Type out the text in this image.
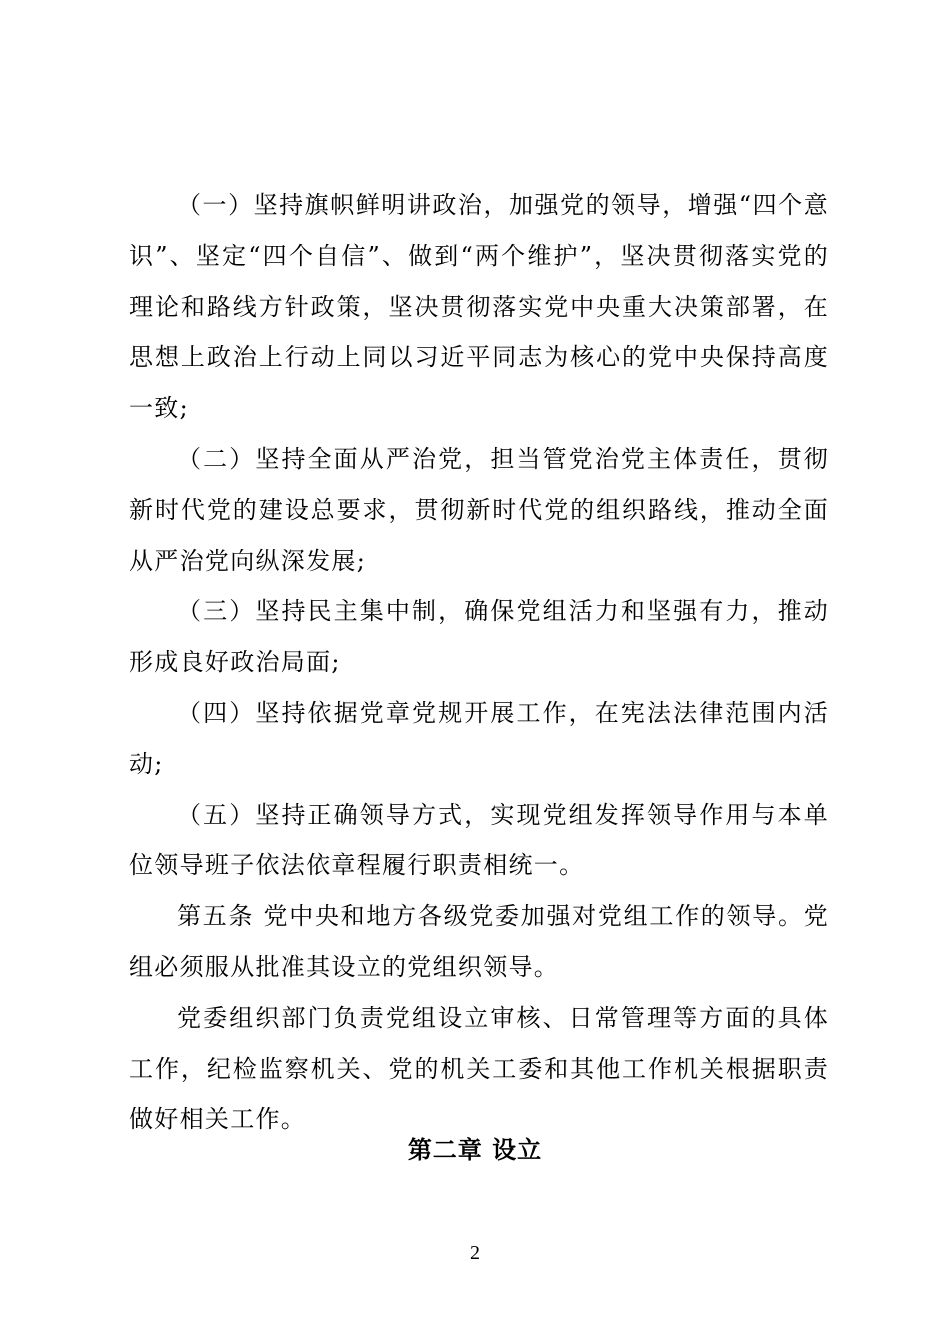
（一）坚持旗帜鲜明讲政治，加强党的领导，增强“四个意识”、坚定“四个自信”、做到“两个维护”，坚决贯彻落实党的理论和路线方针政策，坚决贯彻落实党中央重大决策部署，在思想上政治上行动上同以习近平同志为核心的党中央保持高度一致;

（二）坚持全面从严治党，担当管党治党主体责任，贯彻新时代党的建设总要求，贯彻新时代党的组织路线，推动全面从严治党向纵深发展;

（三）坚持民主集中制，确保党组活力和坚强有力，推动形成良好政治局面;

（四）坚持依据党章党规开展工作，在宪法法律范围内活动;

（五）坚持正确领导方式，实现党组发挥领导作用与本单位领导班子依法依章程履行职责相统一。

第五条 党中央和地方各级党委加强对党组工作的领导。党组必须服从批准其设立的党组织领导。

党委组织部门负责党组设立审核、日常管理等方面的具体工作，纪检监察机关、党的机关工委和其他工作机关根据职责做好相关工作。

第二章 设立
2
